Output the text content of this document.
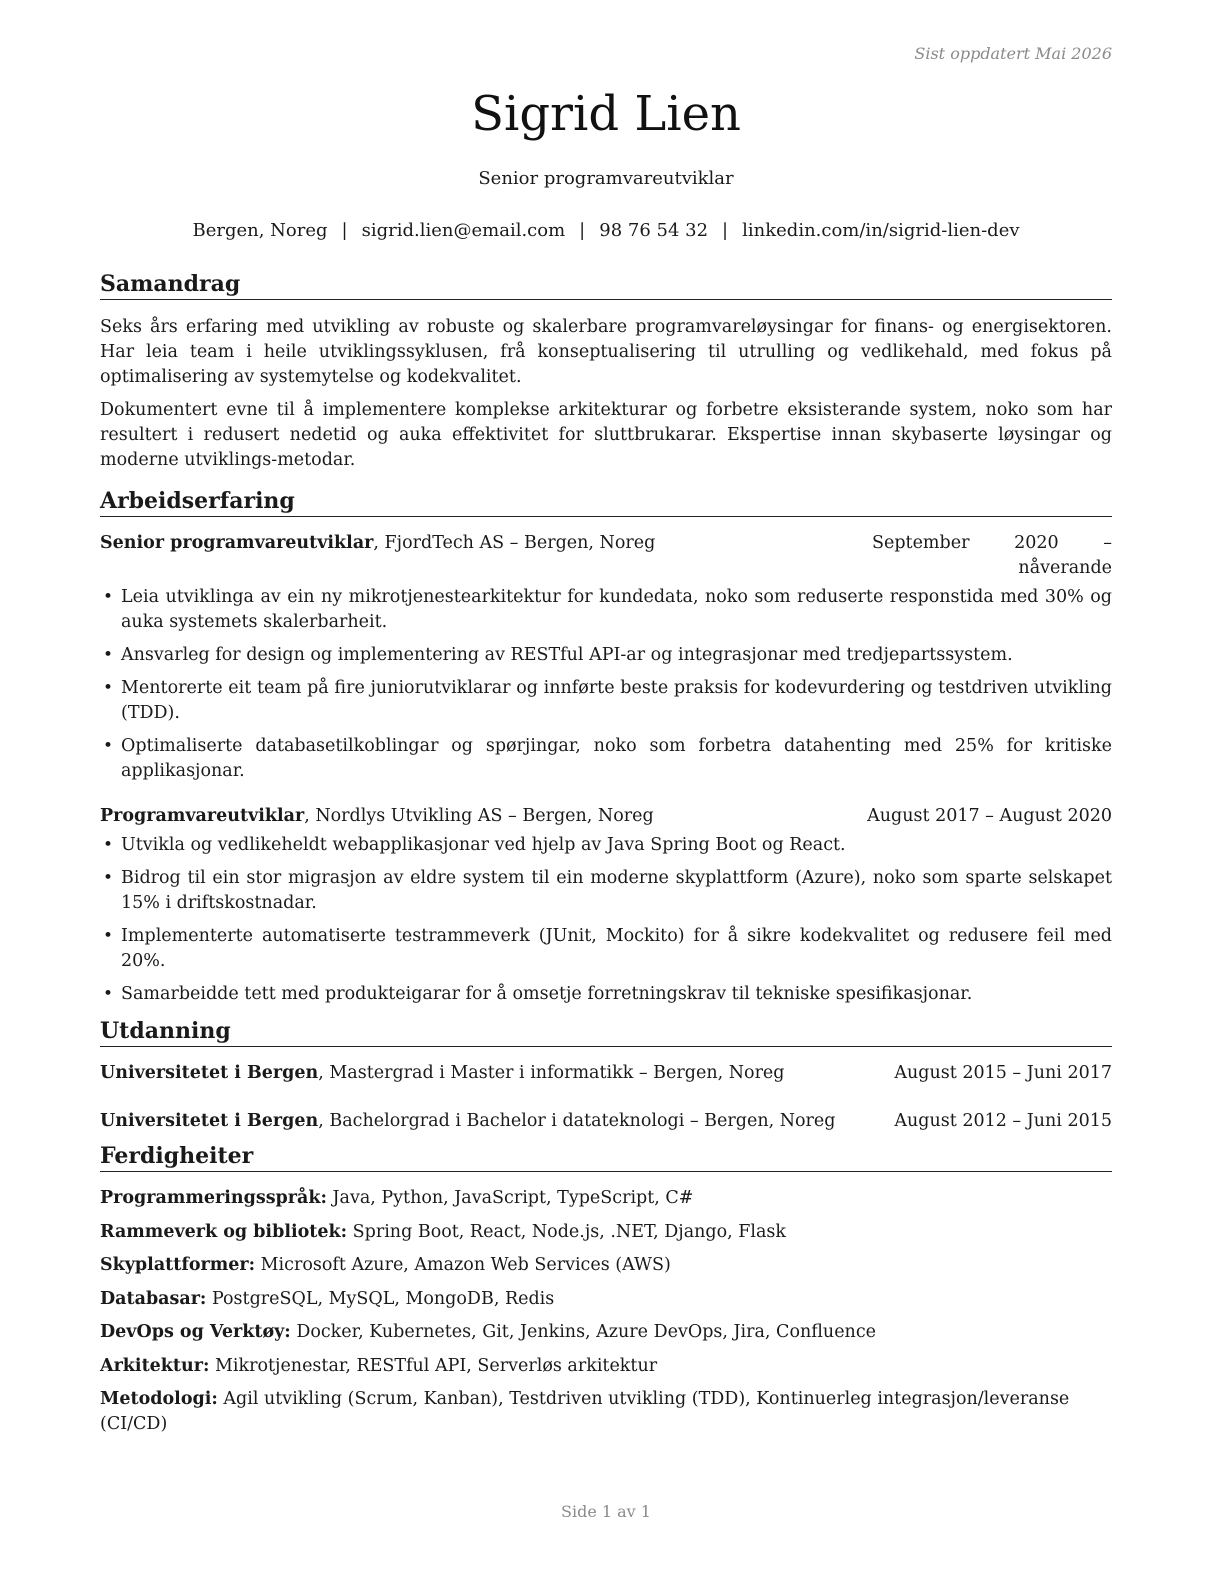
Sist oppdatert Mai 2026
Sigrid Lien
Senior programvareutviklar
Bergen, Noreg | sigrid.lien@email.com | 98 76 54 32 | linkedin.com/in/sigrid-lien-dev
Samandrag

Seks års erfaring med utvikling av robuste og skalerbare programvareløysingar for finans- og energisektoren. Har leia team i heile utviklingssyklusen, frå konseptualisering til utrulling og vedlikehald, med fokus på optimalisering av systemytelse og kodekvalitet.

Dokumentert evne til å implementere komplekse arkitekturar og forbetre eksisterande system, noko som har resultert i redusert nedetid og auka effektivitet for sluttbrukarar. Ekspertise innan skybaserte løysingar og moderne utviklings-metodar.

Arbeidserfaring
Senior programvareutviklar, FjordTech AS – Bergen, Noreg	September 2020 – nåverande
• Leia utviklinga av ein ny mikrotjenestearkitektur for kundedata, noko som reduserte responstida med 30% og auka systemets skalerbarheit.
• Ansvarleg for design og implementering av RESTful API-ar og integrasjonar med tredjepartssystem.
• Mentorerte eit team på fire juniorutviklarar og innførte beste praksis for kodevurdering og testdriven utvikling (TDD).
• Optimaliserte databasetilkoblingar og spørjingar, noko som forbetra datahenting med 25% for kritiske applikasjonar.
Programvareutviklar, Nordlys Utvikling AS – Bergen, Noreg	August 2017 – August 2020
• Utvikla og vedlikeheldt webapplikasjonar ved hjelp av Java Spring Boot og React.
• Bidrog til ein stor migrasjon av eldre system til ein moderne skyplattform (Azure), noko som sparte selskapet 15% i driftskostnadar.
• Implementerte automatiserte testrammeverk (JUnit, Mockito) for å sikre kodekvalitet og redusere feil med 20%.
• Samarbeidde tett med produkteigarar for å omsetje forretningskrav til tekniske spesifikasjonar.
Utdanning
Universitetet i Bergen, Mastergrad i Master i informatikk – Bergen, Noreg	August 2015 – Juni 2017
Universitetet i Bergen, Bachelorgrad i Bachelor i datateknologi – Bergen, Noreg	August 2012 – Juni 2015
Ferdigheiter
Programmeringsspråk: Java, Python, JavaScript, TypeScript, C#
Rammeverk og bibliotek: Spring Boot, React, Node.js, .NET, Django, Flask
Skyplattformer: Microsoft Azure, Amazon Web Services (AWS)
Databasar: PostgreSQL, MySQL, MongoDB, Redis
DevOps og Verktøy: Docker, Kubernetes, Git, Jenkins, Azure DevOps, Jira, Confluence
Arkitektur: Mikrotjenestar, RESTful API, Serverløs arkitektur
Metodologi: Agil utvikling (Scrum, Kanban), Testdriven utvikling (TDD), Kontinuerleg integrasjon/leveranse (CI/CD)
Side 1 av 1
